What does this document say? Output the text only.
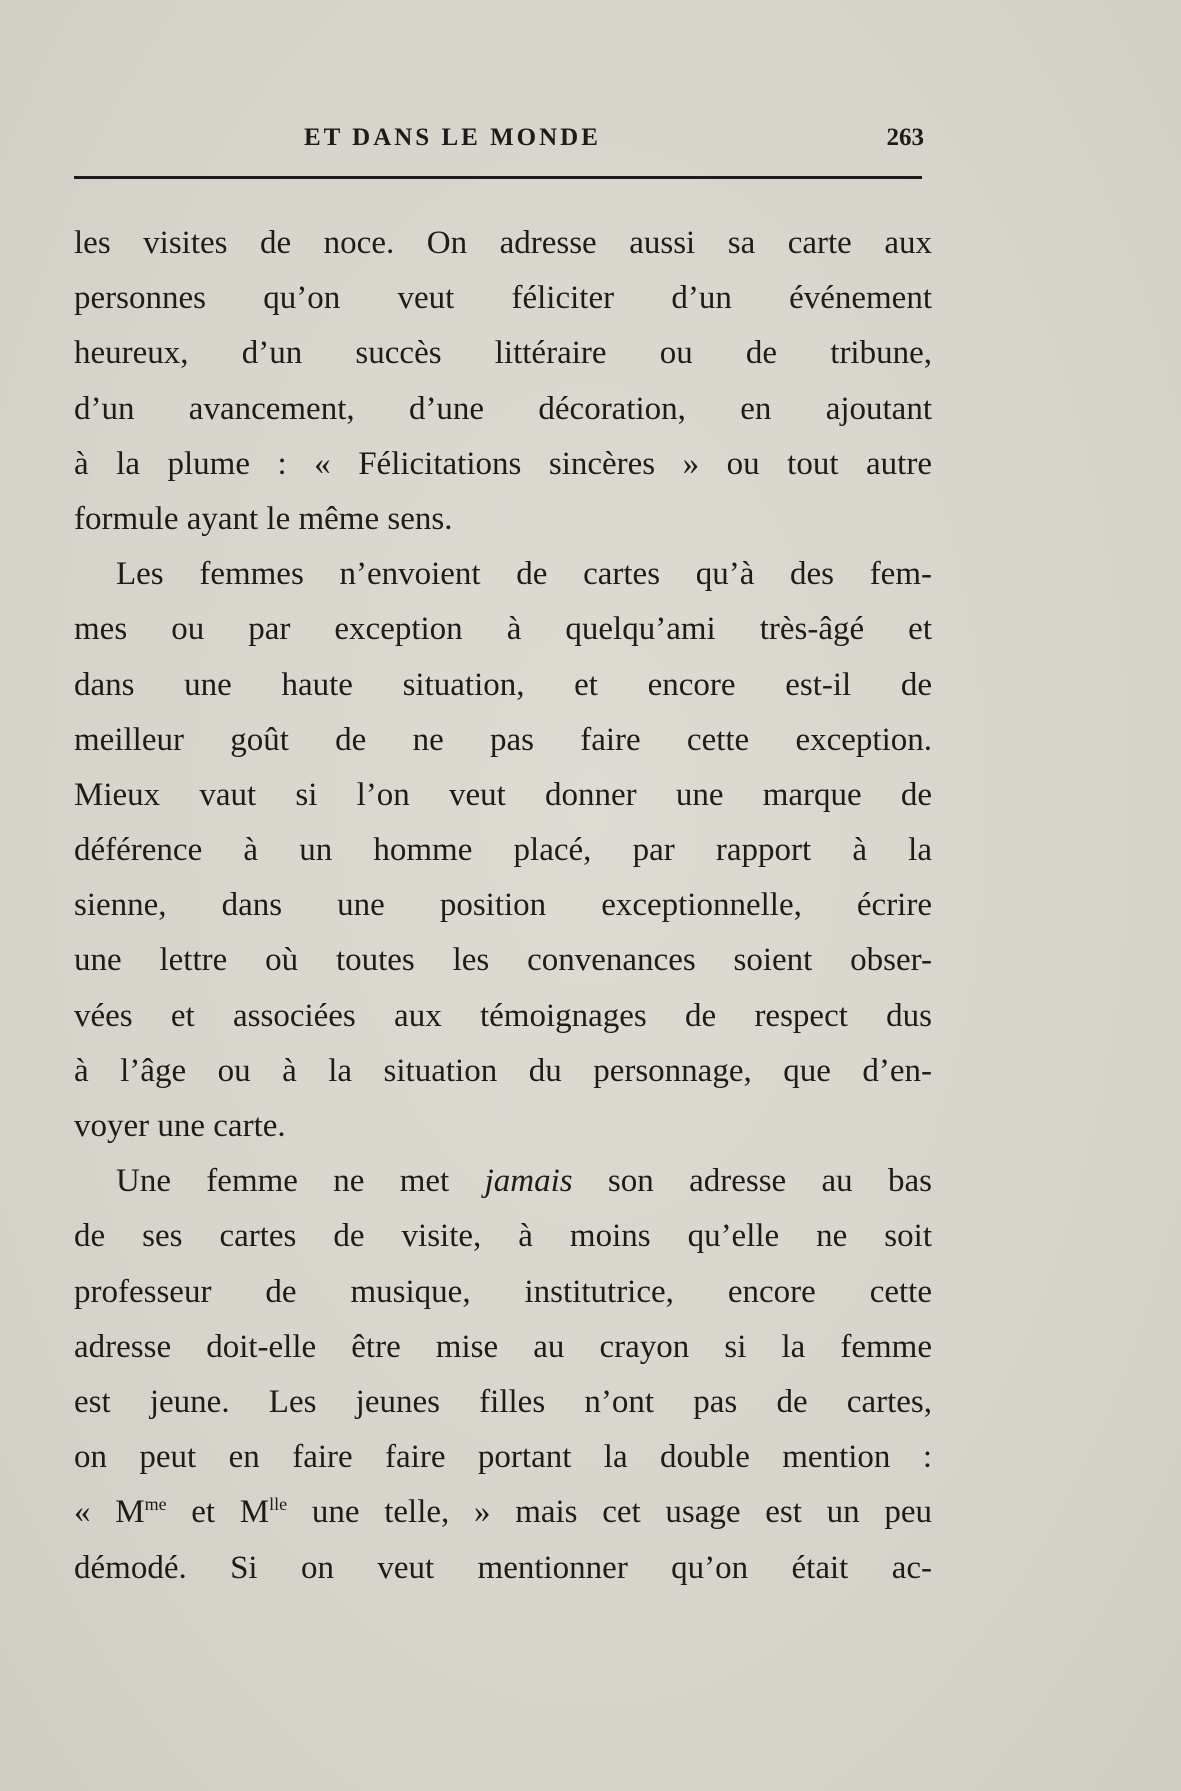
ET DANS LE MONDE	263
les visites de noce. On adresse aussi sa carte aux
personnes qu’on veut féliciter d’un événement
heureux, d’un succès littéraire ou de tribune,
d’un avancement, d’une décoration, en ajoutant
à la plume : « Félicitations sincères » ou tout autre
formule ayant le même sens.
Les femmes n’envoient de cartes qu’à des fem-
mes ou par exception à quelqu’ami très-âgé et
dans une haute situation, et encore est-il de
meilleur goût de ne pas faire cette exception.
Mieux vaut si l’on veut donner une marque de
déférence à un homme placé, par rapport à la
sienne, dans une position exceptionnelle, écrire
une lettre où toutes les convenances soient obser-
vées et associées aux témoignages de respect dus
à l’âge ou à la situation du personnage, que d’en-
voyer une carte.
Une femme ne met jamais son adresse au bas
de ses cartes de visite, à moins qu’elle ne soit
professeur de musique, institutrice, encore cette
adresse doit-elle être mise au crayon si la femme
est jeune. Les jeunes filles n’ont pas de cartes,
on peut en faire faire portant la double mention :
« $M^{me}$ et $M^{lle}$ une telle, » mais cet usage est un peu
démodé. Si on veut mentionner qu’on était ac-
